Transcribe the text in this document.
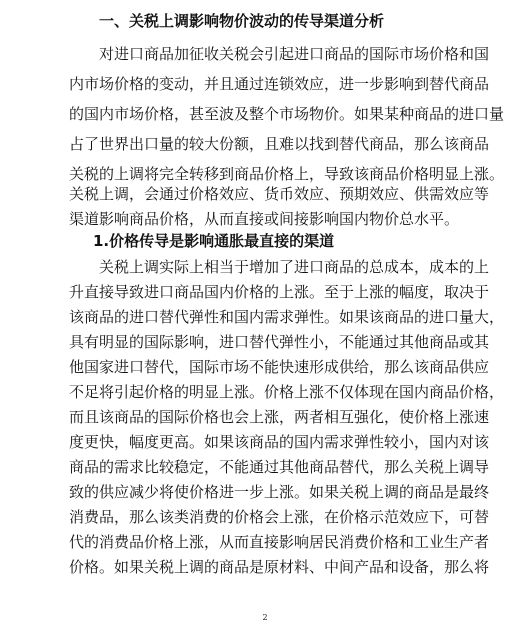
一、关税上调影响物价波动的传导渠道分析
对进口商品加征收关税会引起进口商品的国际市场价格和国
内市场价格的变动，并且通过连锁效应，进一步影响到替代商品
的国内市场价格，甚至波及整个市场物价。如果某种商品的进口量
占了世界出口量的较大份额，且难以找到替代商品，那么该商品
关税的上调将完全转移到商品价格上，导致该商品价格明显上涨。
关税上调，会通过价格效应、货币效应、预期效应、供需效应等
渠道影响商品价格，从而直接或间接影响国内物价总水平。
1.价格传导是影响通胀最直接的渠道
关税上调实际上相当于增加了进口商品的总成本，成本的上
升直接导致进口商品国内价格的上涨。至于上涨的幅度，取决于
该商品的进口替代弹性和国内需求弹性。如果该商品的进口量大，
具有明显的国际影响，进口替代弹性小，不能通过其他商品或其
他国家进口替代，国际市场不能快速形成供给，那么该商品供应
不足将引起价格的明显上涨。价格上涨不仅体现在国内商品价格，
而且该商品的国际价格也会上涨，两者相互强化，使价格上涨速
度更快，幅度更高。如果该商品的国内需求弹性较小，国内对该
商品的需求比较稳定，不能通过其他商品替代，那么关税上调导
致的供应减少将使价格进一步上涨。如果关税上调的商品是最终
消费品，那么该类消费的价格会上涨，在价格示范效应下，可替
代的消费品价格上涨，从而直接影响居民消费价格和工业生产者
价格。如果关税上调的商品是原材料、中间产品和设备，那么将
2
